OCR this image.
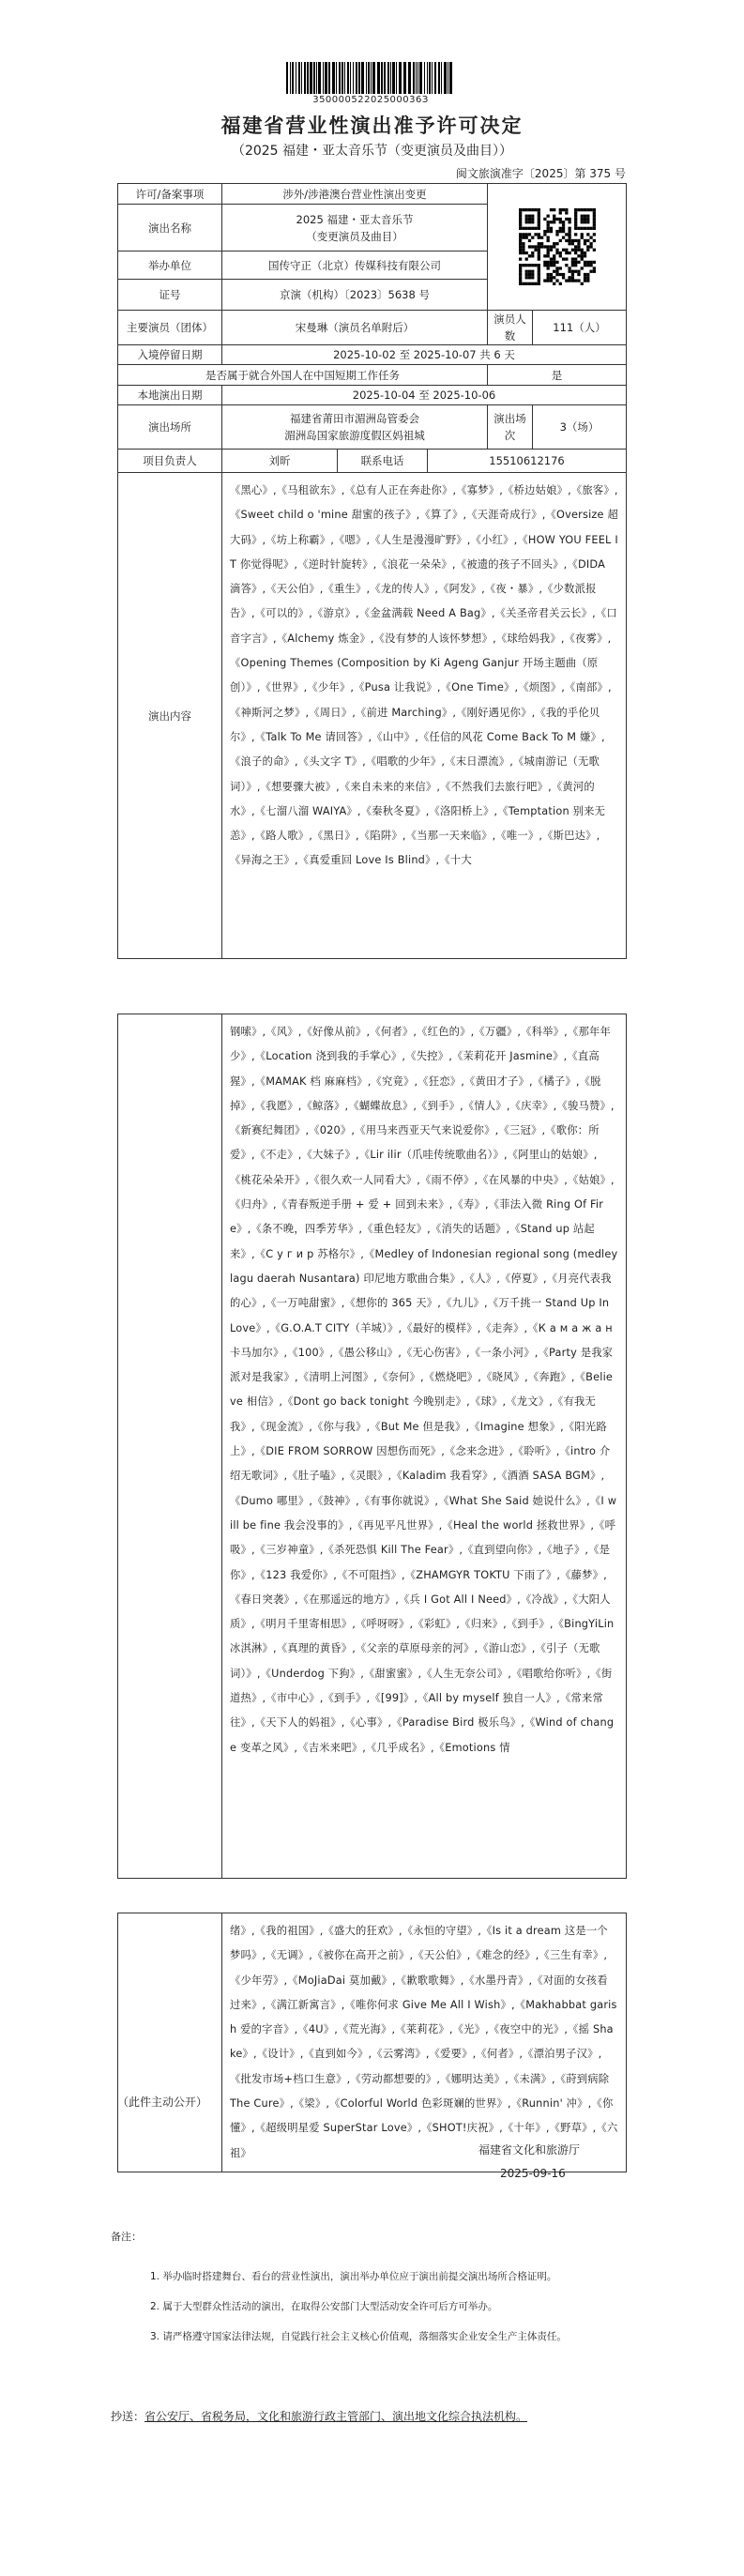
35000052202500036З
福建省营业性演出准予许可决定
（2025 福建・亚太音乐节（变更演员及曲目））
闽文旅演准字〔2025〕第 375 号
许可/备案事项	涉外/涉港澳台营业性演出变更	

演出名称	2025 福建・亚太音乐节
（变更演员及曲目）				
举办单位	国传守正（北京）传媒科技有限公司				
证号	京演（机构）〔2023〕5638 号				
主要演员（团体）	宋曼琳（演员名单附后）			演员人数	111（人）
入境停留日期	2025-10-02 至 2025-10-07 共 6 天				
是否属于就合外国人在中国短期工作任务				是	
本地演出日期	2025-10-04 至 2025-10-06				
演出场所	福建省莆田市湄洲岛管委会
湄洲岛国家旅游度假区妈祖城			演出场次	3（场）
项目负责人	刘昕	联系电话	15510612176		
演出内容	《黑心》,《马租欲东》,《总有人正在奔赴你》,《寡梦》,《桥边姑娘》,《旅客》,《Sweet child o 'mine 甜蜜的孩子》,《算了》,《天涯奇成行》,《Oversize 超大码》,《坊上称霸》,《嗯》,《人生是漫漫旷野》,《小红》,《HOW YOU FEEL IT 你觉得呢》,《逆时针旋转》,《浪花一朵朵》,《被遗的孩子不回头》,《DIDA 滴答》,《天公伯》,《重生》,《龙的传人》,《阿发》,《夜・暴》,《少数派报告》,《可以的》,《游京》,《金盆满载 Need A Bag》,《关圣帝君关云长》,《口音字言》,《Alchemy 炼金》,《没有梦的人该怀梦想》,《球给妈我》,《夜雾》,《Opening Themes (Composition by Ki Ageng Ganjur 开场主题曲（原创）》,《世界》,《少年》,《Pusa 让我说》,《One Time》,《烦图》,《南部》,《神斯河之梦》,《周日》,《前进 Marching》,《刚好遇见你》,《我的乎伦贝尔》,《Talk To Me 请回答》,《山中》,《任信的风花 Come Back To M 嫌》,《浪子的命》,《头文字 T》,《唱歌的少年》,《末日漂流》,《城南游记（无歌词）》,《想要骤大被》,《来自未来的来信》,《不然我们去旅行吧》,《黄河的水》,《七溜八溜 WAIYA》,《秦秋冬夏》,《洛阳桥上》,《Temptation 别来无恙》,《路人歌》,《黑日》,《陷阱》,《当那一天来临》,《唯一》,《斯巴达》,《异海之王》,《真爱重回 Love Is Blind》,《十大				
	钢嗦》,《风》,《好像从前》,《何者》,《红色的》,《万疆》,《科举》,《那年年少》,《Location 浇到我的手掌心》,《失控》,《茉莉花开 Jasmine》,《直高猩》,《MAMAK 档 麻麻档》,《究竟》,《狂恋》,《黄田才子》,《橘子》,《脱掉》,《我愿》,《鲸落》,《蝴蝶故息》,《到手》,《情人》,《庆幸》,《骏马赞》,《新赛纪舞团》,《020》,《用马来西亚天气来说爱你》,《三冠》,《歌你：所爱》,《不走》,《大妹子》,《Lir ilir（爪哇传统歌曲名）》,《阿里山的姑娘》,《桃花朵朵开》,《很久欢一人同看大》,《雨不停》,《在风暴的中央》,《姑娘》,《归舟》,《青春叛逆手册 + 爱 + 回到未来》,《寿》,《菲法入微 Ring Of Fire》,《条不晚，四季芳华》,《重色轻友》,《消失的话题》,《Stand up 站起来》,《С у г и р 苏格尔》,《Medley of Indonesian regional song (medley lagu daerah Nusantara) 印尼地方歌曲合集》,《人》,《停夏》,《月亮代表我的心》,《一万吨甜蜜》,《想你的 365 天》,《九儿》,《万千挑一 Stand Up In Love》,《G.O.A.T CITY（羊城）》,《最好的模样》,《走奔》,《К а м а ж а н 卡马加尔》,《100》,《愚公移山》,《无心伤害》,《一条小河》,《Party 是我家 派对是我家》,《清明上河图》,《奈何》,《燃烧吧》,《晓风》,《奔跑》,《Believe 相信》,《Dont go back tonight 今晚别走》,《球》,《龙文》,《有我无我》,《现金流》,《你与我》,《But Me 但是我》,《Imagine 想象》,《阳光路上》,《DIE FROM SORROW 因想伤而死》,《念来念进》,《聆听》,《intro 介绍无歌词》,《肚子嗑》,《灵眼》,《Kaladim 我看穿》,《酒酒 SASA BGM》,《Dumo 哪里》,《鼓神》,《有事你就说》,《What She Said 她说什么》,《I will be fine 我会没事的》,《再见平凡世界》,《Heal the world 拯救世界》,《呼吸》,《三岁神童》,《杀死恐惧 Kill The Fear》,《直到望向你》,《地子》,《是你》,《123 我爱你》,《不可阻挡》,《ZHAMGYR TOKTU 下雨了》,《藤梦》,《春日突袭》,《在那遥远的地方》,《兵 I Got All I Need》,《冷战》,《大阳人质》,《明月千里寄相思》,《呼呀呀》,《彩虹》,《归来》,《到手》,《BingYiLin 冰淇淋》,《真理的黄昏》,《父亲的草原母亲的河》,《游山恋》,《引子（无歌词）》,《Underdog 下狗》,《甜蜜蜜》,《人生无奈公司》,《唱歌给你听》,《街道热》,《市中心》,《到手》,《[99]》,《All by myself 独自一人》,《常来常往》,《天下人的妈祖》,《心事》,《Paradise Bird 极乐鸟》,《Wind of change 变革之风》,《吉米来吧》,《几乎成名》,《Emotions 情
	绪》,《我的祖国》,《盛大的狂欢》,《永恒的守望》,《Is it a dream 这是一个梦吗》,《无调》,《被你在高开之前》,《天公伯》,《难念的经》,《三生有幸》,《少年劳》,《MoJiaDai 莫加戴》,《歉歌歌舞》,《水墨丹青》,《对面的女孩看过来》,《满江新寓言》,《唯你何求 Give Me All I Wish》,《Makhabbat garish 爱的字音》,《4U》,《荒光海》,《莱莉花》,《光》,《夜空中的光》,《摇 Shake》,《设计》,《直到如今》,《云雾湾》,《爱要》,《何者》,《漂泊男子汉》,《批发市场+档口生意》,《劳动都想要的》,《娜明达美》,《未满》,《莳到病除 The Cure》,《梁》,《Colorful World 色彩斑斓的世界》,《Runnin' 冲》,《你懂》,《超级明星爱 SuperStar Love》,《SHOT!庆祝》,《十年》,《野草》,《六祖》
（此件主动公开）
福建省文化和旅游厅
2025-09-16
备注：
1. 举办临时搭建舞台、看台的营业性演出，演出举办单位应于演出前提交演出场所合格证明。
2. 属于大型群众性活动的演出，在取得公安部门大型活动安全许可后方可举办。
3. 请严格遵守国家法律法规，自觉践行社会主义核心价值观，落细落实企业安全生产主体责任。
抄送：省公安厅、省税务局，文化和旅游行政主管部门、演出地文化综合执法机构。
